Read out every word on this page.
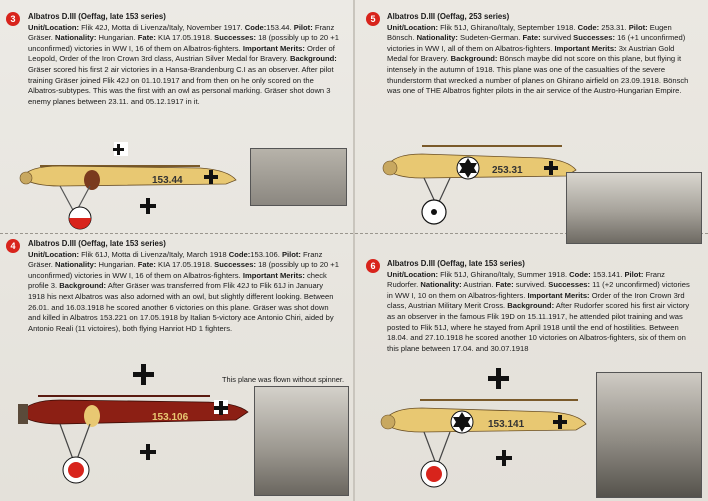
3	Albatros D.III (Oeffag, late 153 series)

Unit/Location: Flik 42J, Motta di Livenza/Italy, November 1917. Code:153.44. Pilot: Franz Gräser. Nationality: Hungarian. Fate: KIA 17.05.1918. Successes: 18 (possibly up to 20 +1 unconfirmed) victories in WW I, 16 of them on Albatros-fighters. Important Merits: Order of Leopold, Order of the Iron Crown 3rd class, Austrian Silver Medal for Bravery. Background: Gräser scored his first 2 air victories in a Hansa-Brandenburg C.I as an observer. After pilot training Gräser joined Flik 42J on 01.10.1917 and from then on he only scored on the Albatros-subtypes. This was the first with an owl as personal marking. Gräser shot down 3 enemy planes between 23.11. and 05.12.1917 in it.

153.44
4	Albatros D.III (Oeffag, late 153 series)

Unit/Location: Flik 61J, Motta di Livenza/Italy, March 1918 Code:153.106. Pilot: Franz Gräser. Nationality: Hungarian. Fate: KIA 17.05.1918. Successes: 18 (possibly up to 20 +1 unconfirmed) victories in WW I, 16 of them on Albatros-fighters. Important Merits: check profile 3. Background: After Gräser was transferred from Flik 42J to Flik 61J in January 1918 his next Albatros was also adorned with an owl, but slightly different looking. Between 26.01. and 16.03.1918 he scored another 6 victories on this plane. Gräser was shot down and killed in Albatros 153.221 on 17.05.1918 by Italian 5-victory ace Antonio Chiri, aided by Antonio Reali (11 victoires), both flying Hanriot HD 1 fighters.

This plane was flown without spinner.
153.106
5	Albatros D.III (Oeffag, 253 series)

Unit/Location: Flik 51J, Ghirano/Italy, September 1918. Code: 253.31. Pilot: Eugen Bönsch. Nationality: Sudeten-German. Fate: survived Successes: 16 (+1 unconfirmed) victories in WW I, all of them on Albatros-fighters. Important Merits: 3x Austrian Gold Medal for Bravery. Background: Bönsch maybe did not score on this plane, but flying it intensely in the autumn of 1918. This plane was one of the casualties of the severe thunderstorm that wrecked a number of planes on Ghirano airfield on 23.09.1918. Bönsch was one of THE Albatros fighter pilots in the air service of the Austro-Hungarian Empire.

253.31
6	Albatros D.III (Oeffag, late 153 series)

Unit/Location: Flik 51J, Ghirano/Italy, Summer 1918. Code: 153.141. Pilot: Franz Rudorfer. Nationality: Austrian. Fate: survived. Successes: 11 (+2 unconfirmed) victories in WW I, 10 on them on Albatros-fighters. Important Merits: Order of the Iron Crown 3rd class, Austrian Military Merit Cross. Background: After Rudorfer scored his first air victory as an observer in the famous Flik 19D on 15.11.1917, he attended pilot training and was posted to Flik 51J, where he stayed from April 1918 until the end of hostilities. Between 18.04. and 27.10.1918 he scored another 10 victories on Albatros-fighters, six of them on this plane between 17.04. and 30.07.1918

153.141
